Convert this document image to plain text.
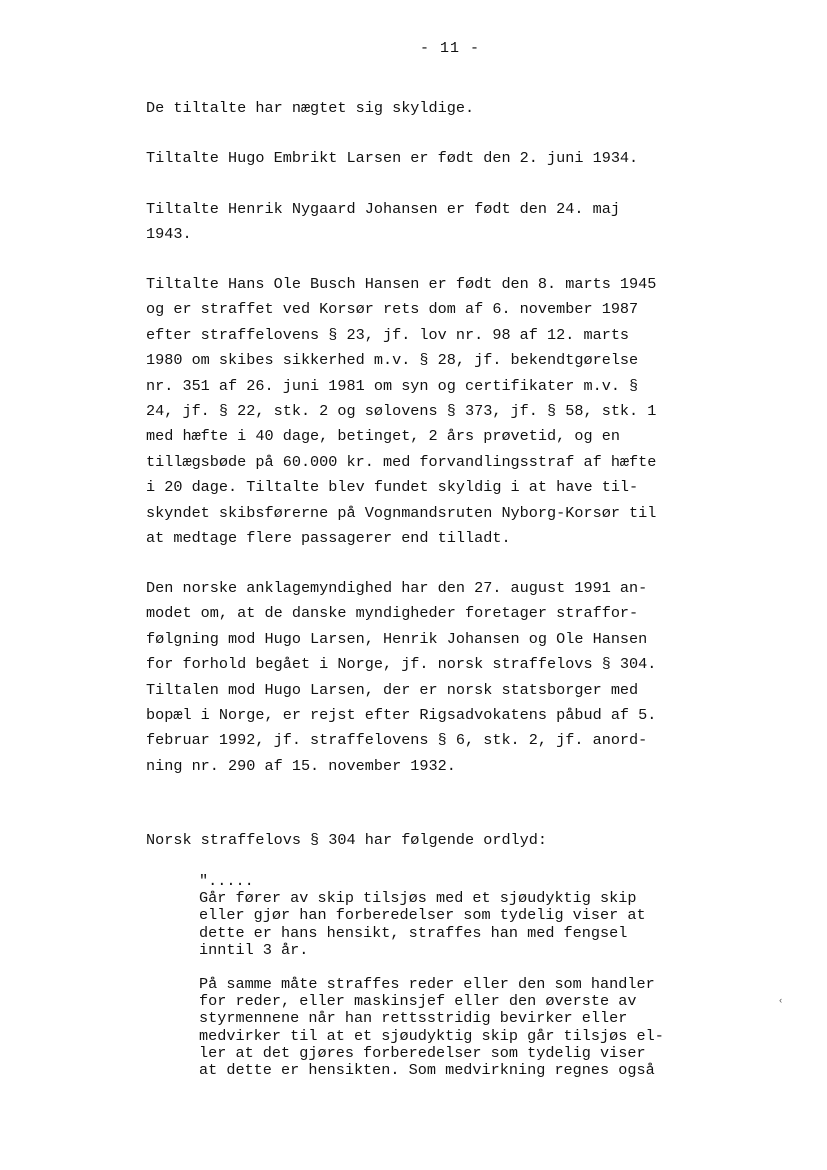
- 11 -

De tiltalte har nægtet sig skyldige.

Tiltalte Hugo Embrikt Larsen er født den 2. juni 1934.

Tiltalte Henrik Nygaard Johansen er født den 24. maj
1943.

Tiltalte Hans Ole Busch Hansen er født den 8. marts 1945
og er straffet ved Korsør rets dom af 6. november 1987
efter straffelovens § 23, jf. lov nr. 98 af 12. marts
1980 om skibes sikkerhed m.v. § 28, jf. bekendtgørelse
nr. 351 af 26. juni 1981 om syn og certifikater m.v. §
24, jf. § 22, stk. 2 og sølovens § 373, jf. § 58, stk. 1
med hæfte i 40 dage, betinget, 2 års prøvetid, og en
tillægsbøde på 60.000 kr. med forvandlingsstraf af hæfte
i 20 dage. Tiltalte blev fundet skyldig i at have til-
skyndet skibsførerne på Vognmandsruten Nyborg-Korsør til
at medtage flere passagerer end tilladt.

Den norske anklagemyndighed har den 27. august 1991 an-
modet om, at de danske myndigheder foretager straffor-
følgning mod Hugo Larsen, Henrik Johansen og Ole Hansen
for forhold begået i Norge, jf. norsk straffelovs § 304.
Tiltalen mod Hugo Larsen, der er norsk statsborger med
bopæl i Norge, er rejst efter Rigsadvokatens påbud af 5.
februar 1992, jf. straffelovens § 6, stk. 2, jf. anord-
ning nr. 290 af 15. november 1932.

Norsk straffelovs § 304 har følgende ordlyd:

".....
Går fører av skip tilsjøs med et sjøudyktig skip
eller gjør han forberedelser som tydelig viser at
dette er hans hensikt, straffes han med fengsel
inntil 3 år.

På samme måte straffes reder eller den som handler
for reder, eller maskinsjef eller den øverste av
styrmennene når han rettsstridig bevirker eller
medvirker til at et sjøudyktig skip går tilsjøs el-
ler at det gjøres forberedelser som tydelig viser
at dette er hensikten. Som medvirkning regnes også

‹
